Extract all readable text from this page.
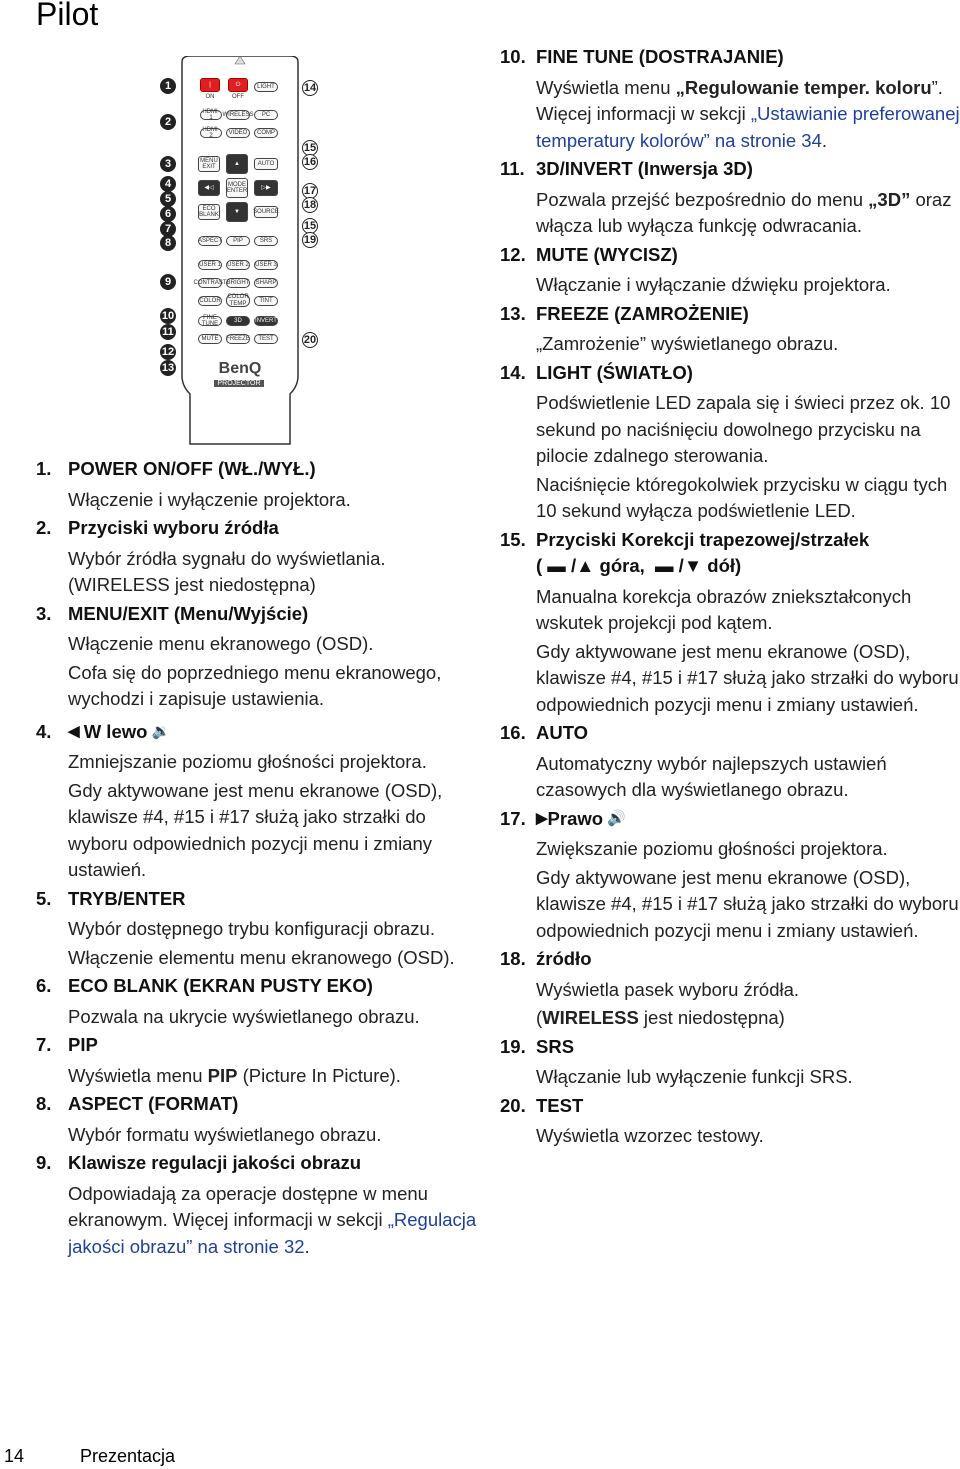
Pilot
|	⏻
ON	OFF
LIGHT
HDMI-1
WIRELESS	PC
HDMI-2
VIDEO	COMP
MENU
EXIT
▲	AUTO
◀◁
MODE
ENTER
▷▶
ECO
BLANK
▼	SOURCE
ASPECT	PIP	SRS
USER 1 USER 2 USER 3
CONTRAST BRIGHT SHARP
COLOR
COLOR
TEMP	TINT
FINE TUNE
3D	INVERT
MUTE	FREEZE	TEST
BenQ
PROJECTOR
1
2
3
4
5
6
7
8
9
10
11
12
13
14
15
16
17
18
15
19
20
1. POWER ON/OFF (WŁ./WYŁ.)

Włączenie i wyłączenie projektora.

2. Przyciski wyboru źródła

Wybór źródła sygnału do wyświetlania. (WIRELESS jest niedostępna)

3. MENU/EXIT (Menu/Wyjście)

Włączenie menu ekranowego (OSD).

Cofa się do poprzedniego menu ekranowego, wychodzi i zapisuje ustawienia.

4.	◀ W lewo 🔉

Zmniejszanie poziomu głośności projektora.

Gdy aktywowane jest menu ekranowe (OSD), klawisze #4, #15 i #17 służą jako strzałki do wyboru odpowiednich pozycji menu i zmiany ustawień.

5. TRYB/ENTER

Wybór dostępnego trybu konfiguracji obrazu.

Włączenie elementu menu ekranowego (OSD).

6. ECO BLANK (EKRAN PUSTY EKO)

Pozwala na ukrycie wyświetlanego obrazu.

7. PIP

Wyświetla menu PIP (Picture In Picture).

8. ASPECT (FORMAT)

Wybór formatu wyświetlanego obrazu.

9. Klawisze regulacji jakości obrazu

Odpowiadają za operacje dostępne w menu ekranowym. Więcej informacji w sekcji „Regulacja jakości obrazu” na stronie 32.

10. FINE TUNE (DOSTRAJANIE)

Wyświetla menu „Regulowanie temper. koloru”. Więcej informacji w sekcji „Ustawianie preferowanej temperatury kolorów” na stronie 34.

11. 3D/INVERT (Inwersja 3D)

Pozwala przejść bezpośrednio do menu „3D” oraz włącza lub wyłącza funkcję odwracania.

12. MUTE (WYCISZ)

Włączanie i wyłączanie dźwięku projektora.

13. FREEZE (ZAMROŻENIE)

„Zamrożenie” wyświetlanego obrazu.

14. LIGHT (ŚWIATŁO)

Podświetlenie LED zapala się i świeci przez ok. 10 sekund po naciśnięciu dowolnego przycisku na pilocie zdalnego sterowania.

Naciśnięcie któregokolwiek przycisku w ciągu tych 10 sekund wyłącza podświetlenie LED.

15. Przyciski Korekcji trapezowej/strzałek
( ▬ /▲ góra, ▬ /▼ dół)

Manualna korekcja obrazów zniekształconych wskutek projekcji pod kątem.

Gdy aktywowane jest menu ekranowe (OSD), klawisze #4, #15 i #17 służą jako strzałki do wyboru odpowiednich pozycji menu i zmiany ustawień.

16. AUTO

Automatyczny wybór najlepszych ustawień czasowych dla wyświetlanego obrazu.

17. ▶ Prawo 🔊

Zwiększanie poziomu głośności projektora.

Gdy aktywowane jest menu ekranowe (OSD), klawisze #4, #15 i #17 służą jako strzałki do wyboru odpowiednich pozycji menu i zmiany ustawień.

18. źródło

Wyświetla pasek wyboru źródła.

(WIRELESS jest niedostępna)

19. SRS

Włączanie lub wyłączenie funkcji SRS.

20. TEST

Wyświetla wzorzec testowy.

14	Prezentacja
